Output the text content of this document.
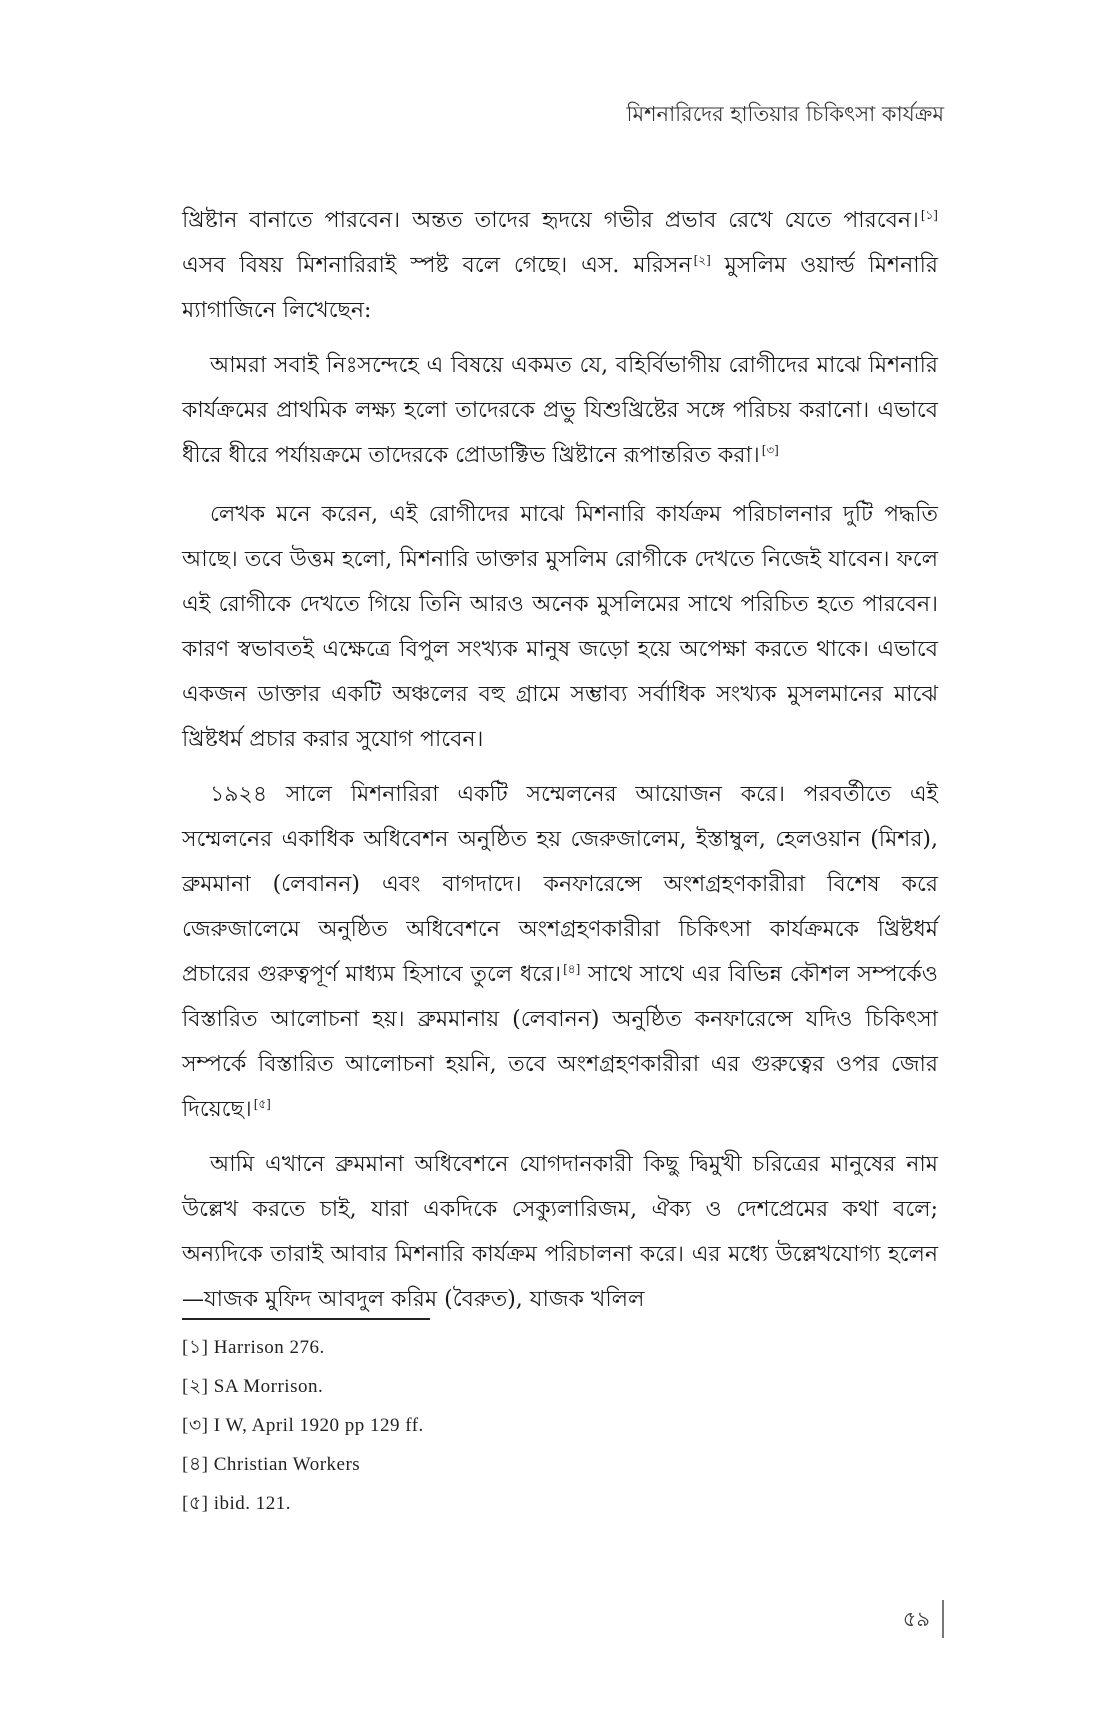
মিশনারিদের হাতিয়ার চিকিৎসা কার্যক্রম

খ্রিষ্টান বানাতে পারবেন। অন্তত তাদের হৃদয়ে গভীর প্রভাব রেখে যেতে পারবেন। [১] এসব বিষয় মিশনারিরাই স্পষ্ট বলে গেছে। এস. মরিসন [২] মুসলিম ওয়ার্ল্ড মিশনারি ম্যাগাজিনে লিখেছেন:

আমরা সবাই নিঃসন্দেহে এ বিষয়ে একমত যে, বহির্বিভাগীয় রোগীদের মাঝে মিশনারি কার্যক্রমের প্রাথমিক লক্ষ্য হলো তাদেরকে প্রভু যিশুখ্রিষ্টের সঙ্গে পরিচয় করানো। এভাবে ধীরে ধীরে পর্যায়ক্রমে তাদেরকে প্রোডাক্টিভ খ্রিষ্টানে রূপান্তরিত করা। [৩]

লেখক মনে করেন, এই রোগীদের মাঝে মিশনারি কার্যক্রম পরিচালনার দুটি পদ্ধতি আছে। তবে উত্তম হলো, মিশনারি ডাক্তার মুসলিম রোগীকে দেখতে নিজেই যাবেন। ফলে এই রোগীকে দেখতে গিয়ে তিনি আরও অনেক মুসলিমের সাথে পরিচিত হতে পারবেন। কারণ স্বভাবতই এক্ষেত্রে বিপুল সংখ্যক মানুষ জড়ো হয়ে অপেক্ষা করতে থাকে। এভাবে একজন ডাক্তার একটি অঞ্চলের বহু গ্রামে সম্ভাব্য সর্বাধিক সংখ্যক মুসলমানের মাঝে খ্রিষ্টধর্ম প্রচার করার সুযোগ পাবেন।

১৯২৪ সালে মিশনারিরা একটি সম্মেলনের আয়োজন করে। পরবর্তীতে এই সম্মেলনের একাধিক অধিবেশন অনুষ্ঠিত হয় জেরুজালেম, ইস্তাম্বুল, হেলওয়ান (মিশর), ব্রুমমানা (লেবানন) এবং বাগদাদে। কনফারেন্সে অংশগ্রহণকারীরা বিশেষ করে জেরুজালেমে অনুষ্ঠিত অধিবেশনে অংশগ্রহণকারীরা চিকিৎসা কার্যক্রমকে খ্রিষ্টধর্ম প্রচারের গুরুত্বপূর্ণ মাধ্যম হিসাবে তুলে ধরে। [৪] সাথে সাথে এর বিভিন্ন কৌশল সম্পর্কেও বিস্তারিত আলোচনা হয়। ব্রুমমানায় (লেবানন) অনুষ্ঠিত কনফারেন্সে যদিও চিকিৎসা সম্পর্কে বিস্তারিত আলোচনা হয়নি, তবে অংশগ্রহণকারীরা এর গুরুত্বের ওপর জোর দিয়েছে। [৫]

আমি এখানে ব্রুমমানা অধিবেশনে যোগদানকারী কিছু দ্বিমুখী চরিত্রের মানুষের নাম উল্লেখ করতে চাই, যারা একদিকে সেক্যুলারিজম, ঐক্য ও দেশপ্রেমের কথা বলে; অন্যদিকে তারাই আবার মিশনারি কার্যক্রম পরিচালনা করে। এর মধ্যে উল্লেখযোগ্য হলেন—যাজক মুফিদ আবদুল করিম (বৈরুত), যাজক খলিল

[১] Harrison 276.

[২] SA Morrison.

[৩] I W, April 1920 pp 129 ff.

[৪] Christian Workers

[৫] ibid. 121.

৫৯
